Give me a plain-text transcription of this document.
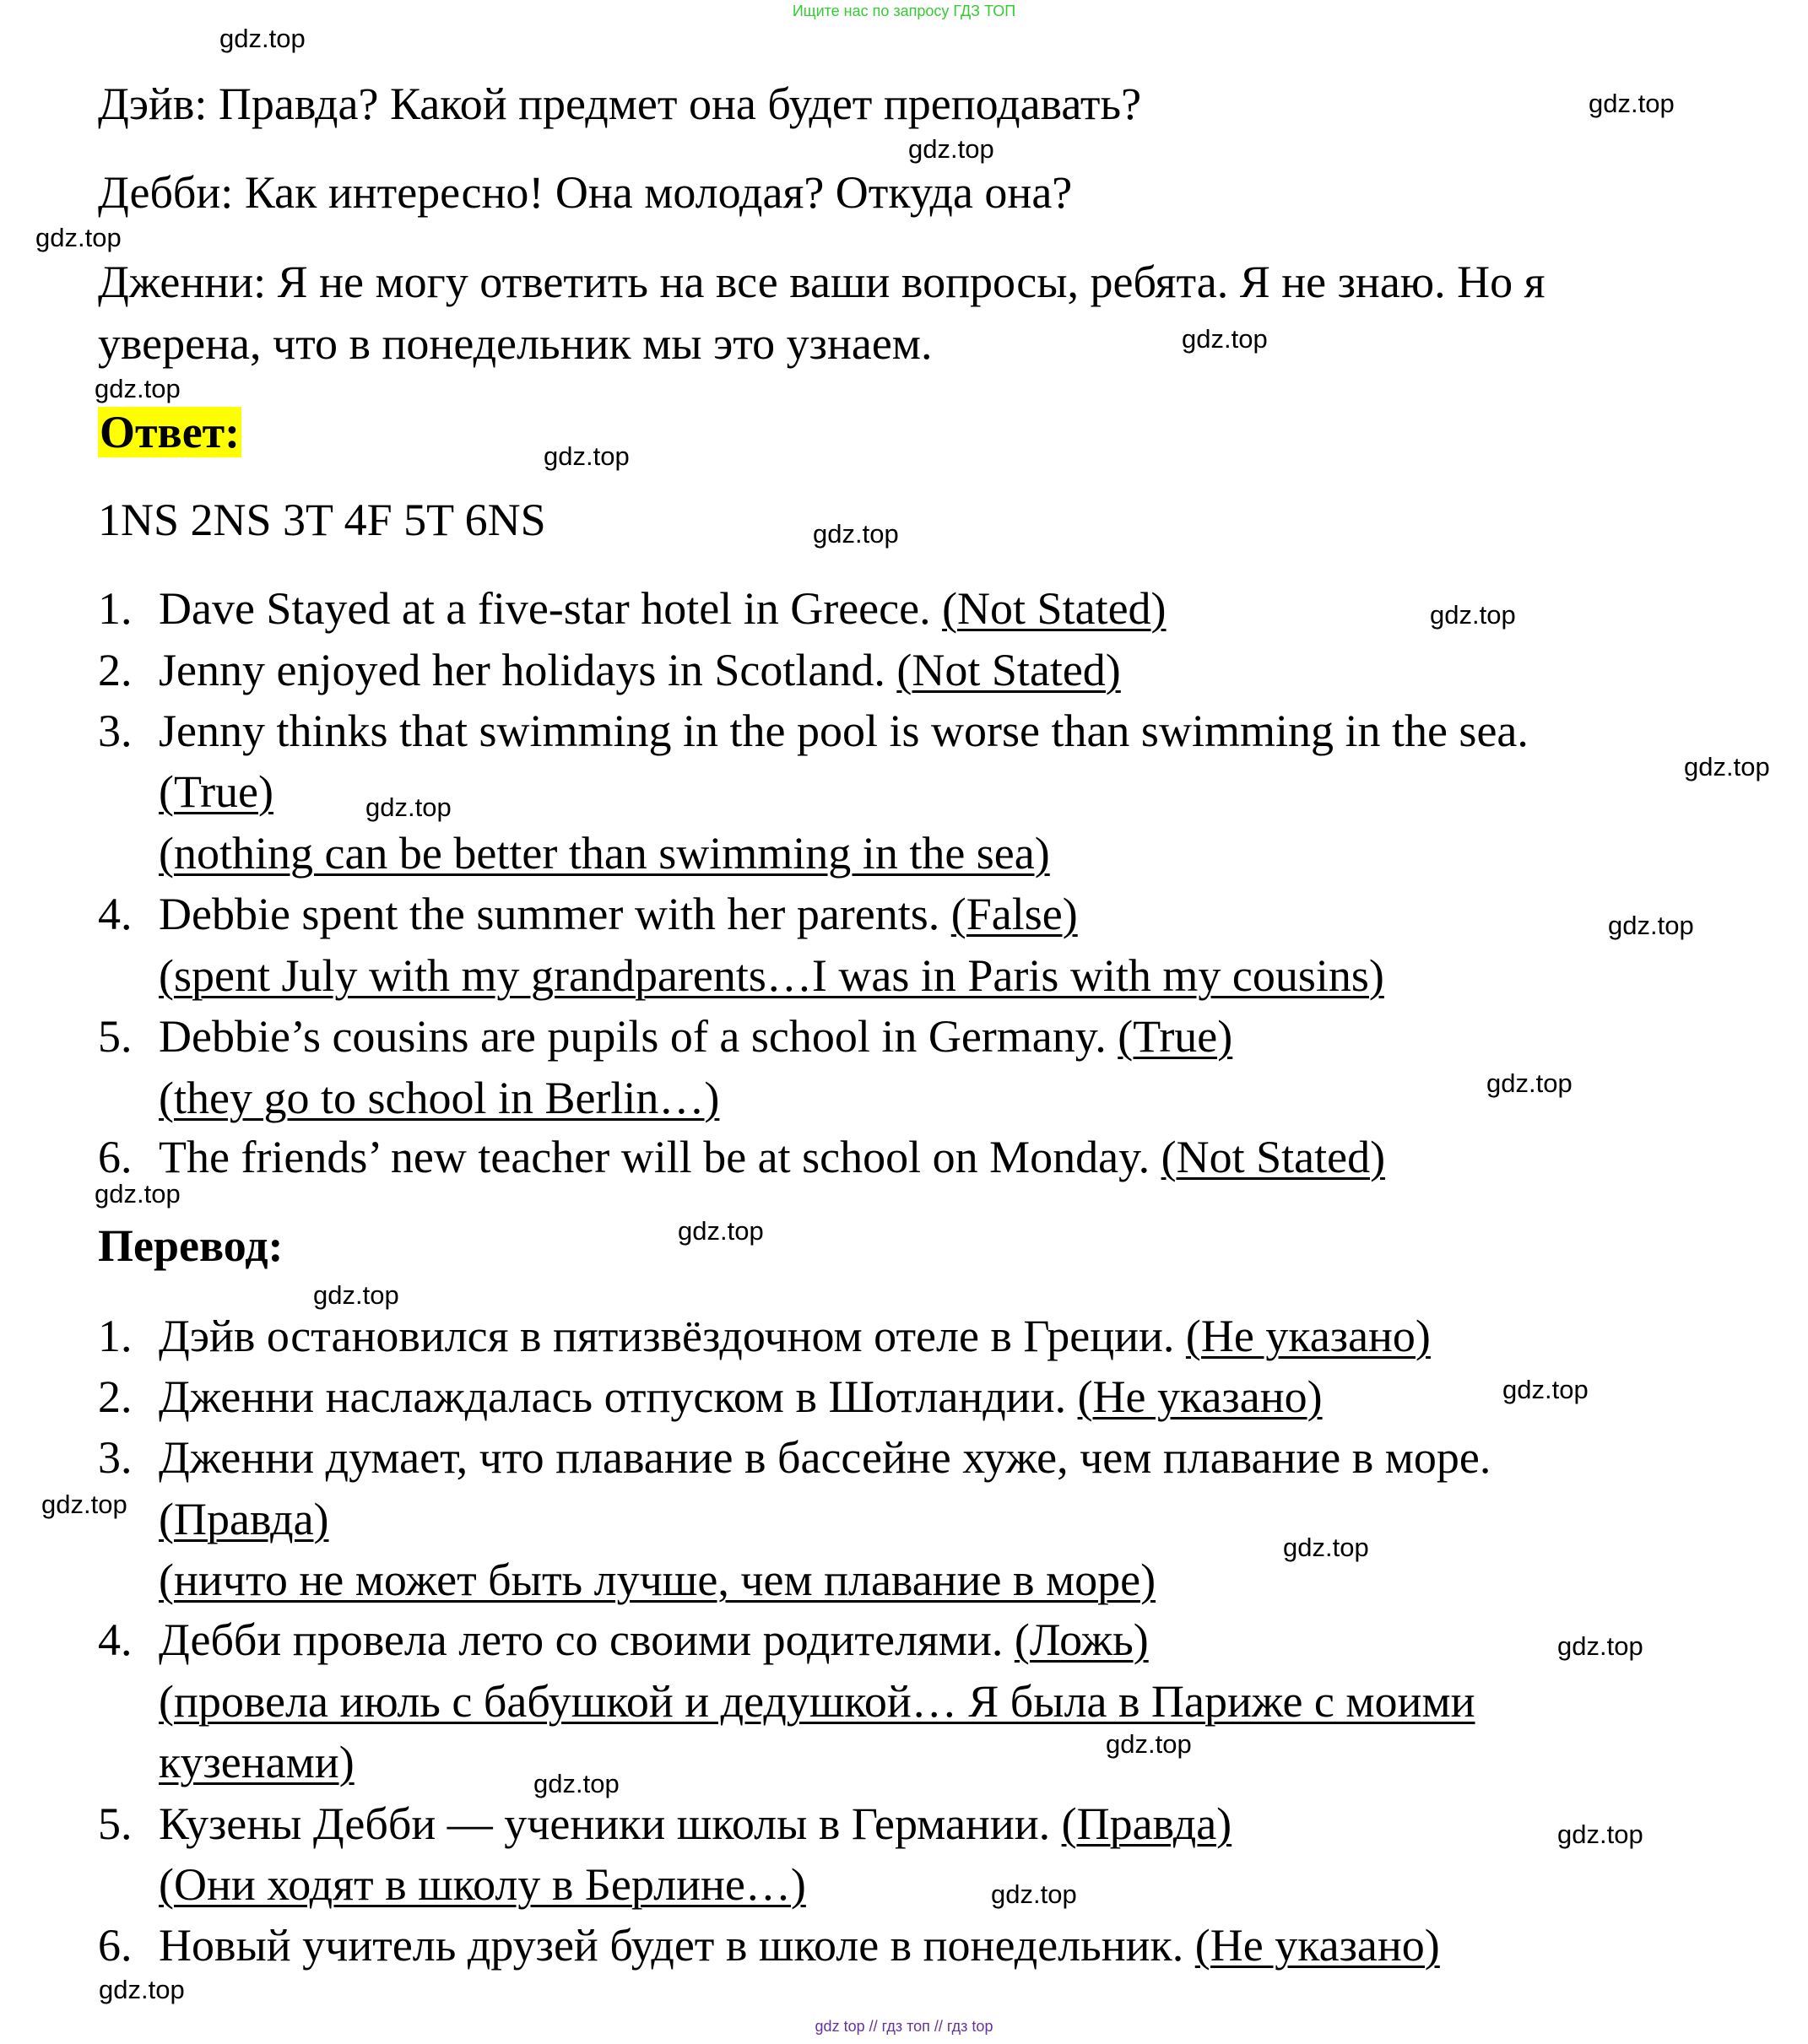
Ищите нас по запросу ГДЗ ТОП
Дэйв: Правда? Какой предмет она будет преподавать?
Дебби: Как интересно! Она молодая? Откуда она?
Дженни: Я не могу ответить на все ваши вопросы, ребята. Я не знаю. Но я
уверена, что в понедельник мы это узнаем.
Ответ:
1NS 2NS 3T 4F 5T 6NS
1. Dave Stayed at a five-star hotel in Greece. (Not Stated)
2. Jenny enjoyed her holidays in Scotland. (Not Stated)
3. Jenny thinks that swimming in the pool is worse than swimming in the sea.
(True)
(nothing can be better than swimming in the sea)
4. Debbie spent the summer with her parents. (False)
(spent July with my grandparents…I was in Paris with my cousins)
5. Debbie’s cousins are pupils of a school in Germany. (True)
(they go to school in Berlin…)
6. The friends’ new teacher will be at school on Monday. (Not Stated)
Перевод:
1. Дэйв остановился в пятизвёздочном отеле в Греции. (Не указано)
2. Дженни наслаждалась отпуском в Шотландии. (Не указано)
3. Дженни думает, что плавание в бассейне хуже, чем плавание в море.
(Правда)
(ничто не может быть лучше, чем плавание в море)
4. Дебби провела лето со своими родителями. (Ложь)
(провела июль с бабушкой и дедушкой… Я была в Париже с моими
кузенами)
5. Кузены Дебби — ученики школы в Германии. (Правда)
(Они ходят в школу в Берлине…)
6. Новый учитель друзей будет в школе в понедельник. (Не указано)
gdz.top
gdz.top
gdz.top
gdz.top
gdz.top
gdz.top
gdz.top
gdz.top
gdz.top
gdz.top
gdz.top
gdz.top
gdz.top
gdz.top
gdz.top
gdz.top
gdz.top
gdz.top
gdz.top
gdz.top
gdz.top
gdz.top
gdz.top
gdz.top
gdz.top
gdz top // гдз топ // гдз top
